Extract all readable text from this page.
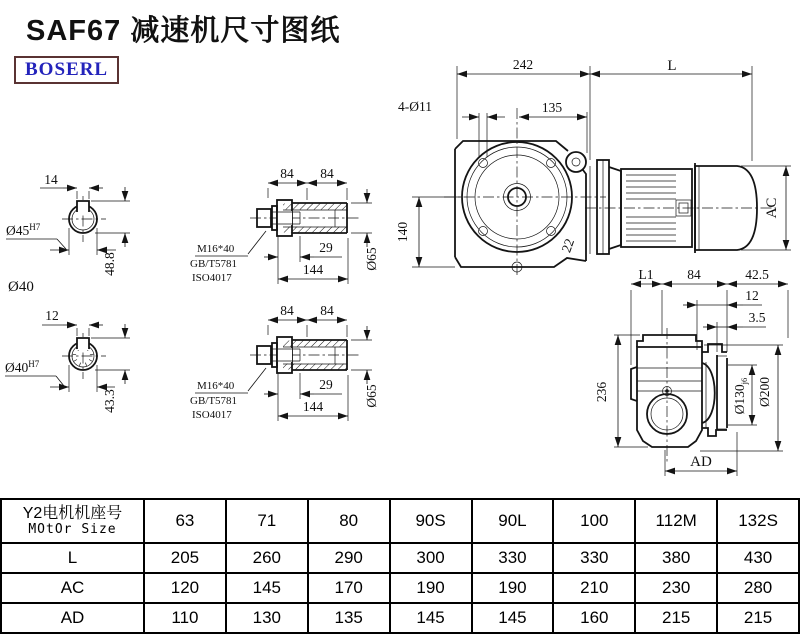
SAF67 减速机尺寸图纸
BOSERL	242	L
4-Ø11	135
140
AC
22
14
$Ø45^{H7}$
48.8
Ø40
12
$Ø40^{H7}$
43.3
84 84
29
144	Ø65
M16*40
GB/T5781
ISO4017
84 84
29
144	Ø65
M16*40
GB/T5781
ISO4017
L1	84	42.5
12
3.5
236	$Ø130_{j6}$ Ø200
AD
Y2电机机座号
MOtOr Size	63	71	80	90S	90L	100	112M	132S
L	205	260	290	300	330	330	380	430
AC	120	145	170	190	190	210	230	280
AD	110	130	135	145	145	160	215	215
